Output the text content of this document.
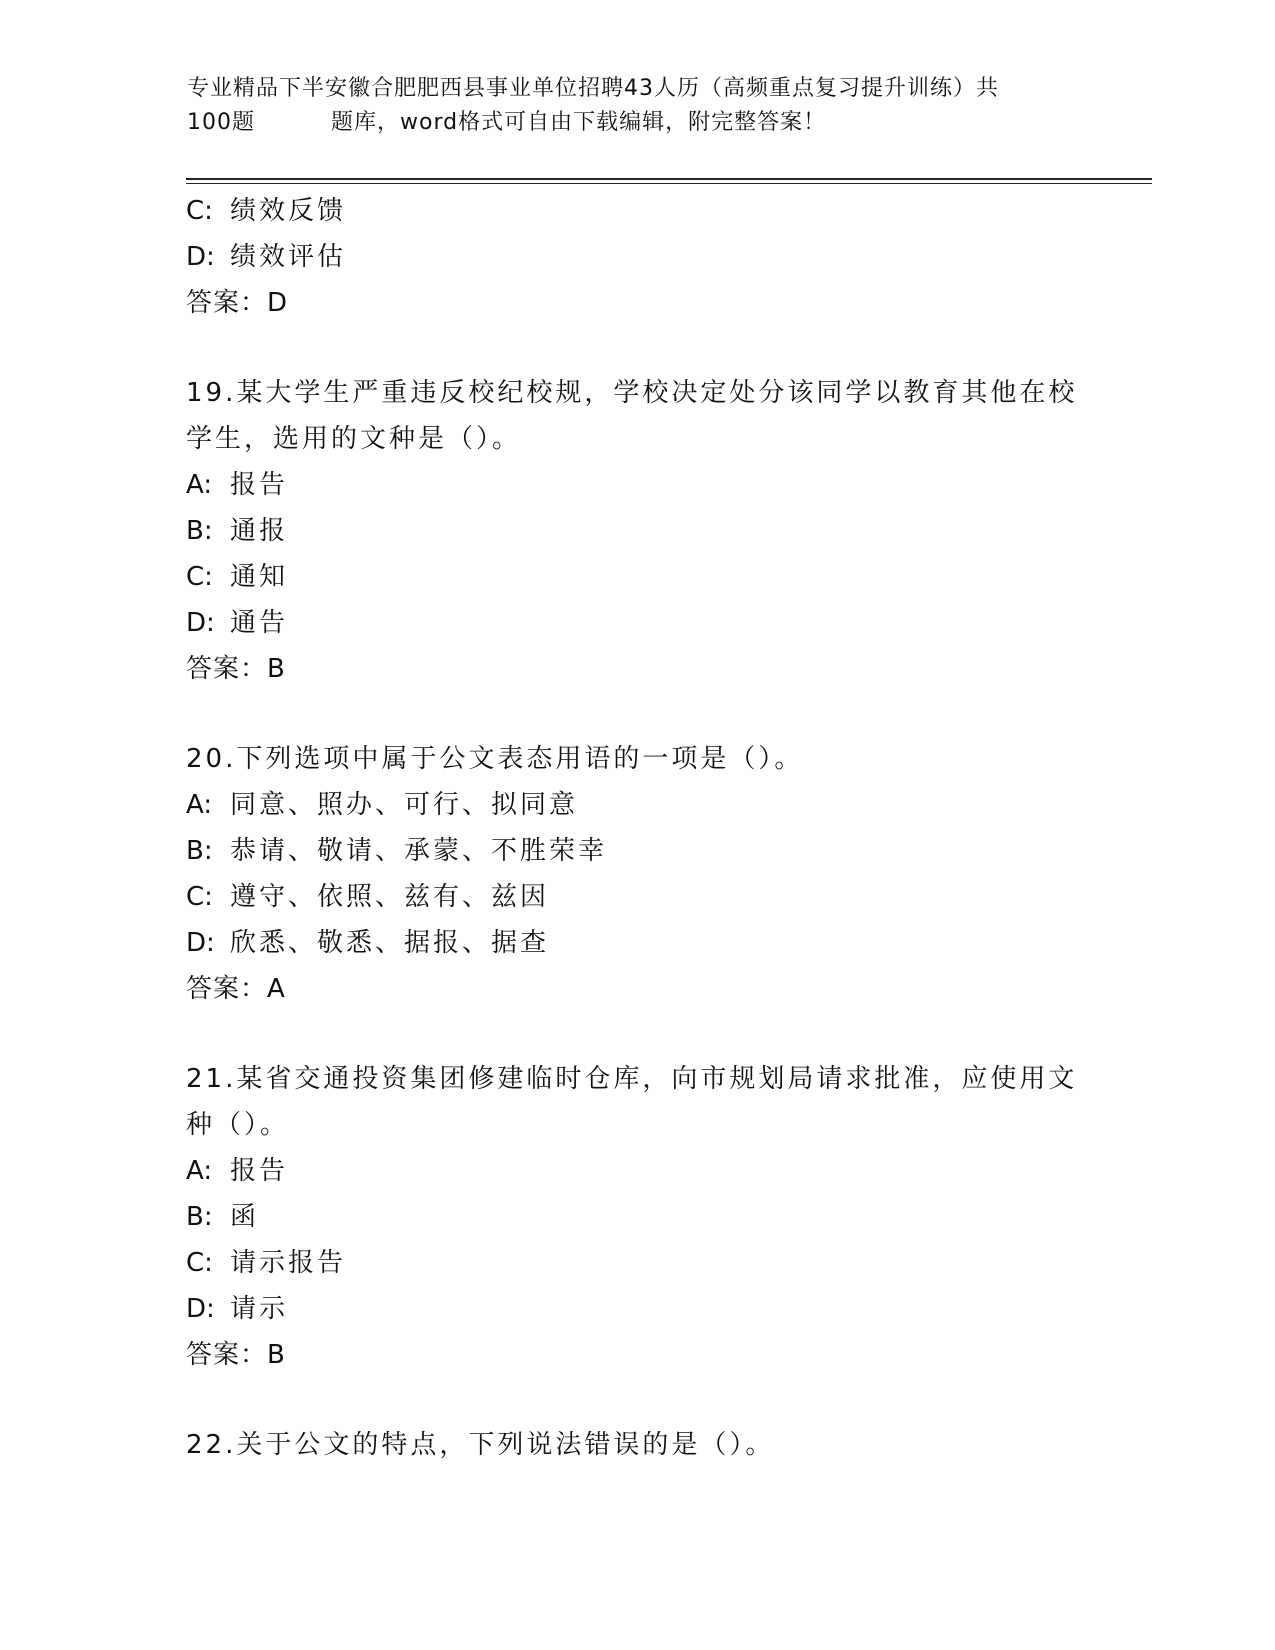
专业精品下半安徽合肥肥西县事业单位招聘43人历（高频重点复习提升训练）共
100题	题库，word格式可自由下载编辑，附完整答案！
C: 绩效反馈
D: 绩效评估
答案：D
19.某大学生严重违反校纪校规，学校决定处分该同学以教育其他在校
学生，选用的文种是（）。
A: 报告
B: 通报
C: 通知
D: 通告
答案：B
20.下列选项中属于公文表态用语的一项是（）。
A: 同意、照办、可行、拟同意
B: 恭请、敬请、承蒙、不胜荣幸
C: 遵守、依照、兹有、兹因
D: 欣悉、敬悉、据报、据查
答案：A
21.某省交通投资集团修建临时仓库，向市规划局请求批准，应使用文
种（）。
A: 报告
B: 函
C: 请示报告
D: 请示
答案：B
22.关于公文的特点，下列说法错误的是（）。
